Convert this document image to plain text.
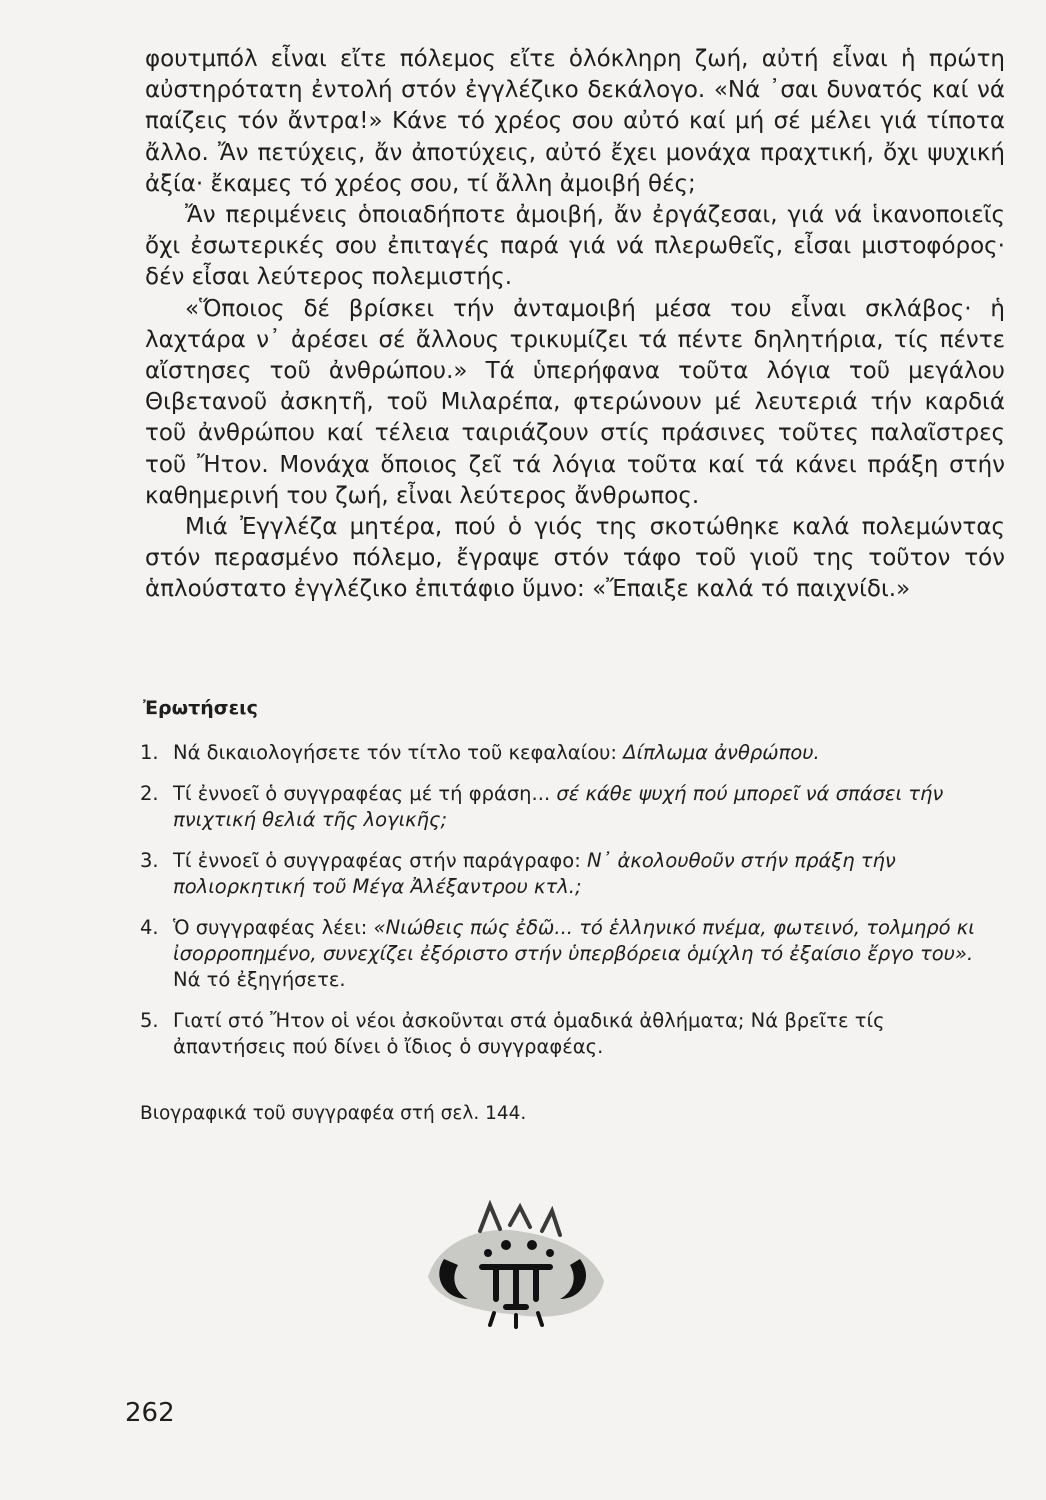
φουτμπόλ εἶναι εἴτε πόλεμος εἴτε ὁλόκληρη ζωή, αὐτή εἶναι ἡ πρώτη αὐστηρότατη ἐντολή στόν ἐγγλέζικο δεκάλογο. «Νά ᾽σαι δυνατός καί νά παίζεις τόν ἄντρα!» Κάνε τό χρέος σου αὐτό καί μή σέ μέλει γιά τίποτα ἄλλο. Ἄν πετύχεις, ἄν ἀποτύχεις, αὐτό ἔχει μονάχα πραχτική, ὄχι ψυχική ἀξία· ἔκαμες τό χρέος σου, τί ἄλλη ἀμοιβή θές;

Ἄν περιμένεις ὁποιαδήποτε ἀμοιβή, ἄν ἐργάζεσαι, γιά νά ἱκανοποιεῖς ὄχι ἐσωτερικές σου ἐπιταγές παρά γιά νά πλερωθεῖς, εἶσαι μιστοφόρος· δέν εἶσαι λεύτερος πολεμιστής.

«Ὅποιος δέ βρίσκει τήν ἀνταμοιβή μέσα του εἶναι σκλάβος· ἡ λαχτάρα ν᾽ ἀρέσει σέ ἄλλους τρικυμίζει τά πέντε δηλητήρια, τίς πέντε αἴστησες τοῦ ἀνθρώπου.» Τά ὑπερήφανα τοῦτα λόγια τοῦ μεγάλου Θιβετανοῦ ἀσκητῆ, τοῦ Μιλαρέπα, φτερώνουν μέ λευτεριά τήν καρδιά τοῦ ἀνθρώπου καί τέλεια ταιριάζουν στίς πράσινες τοῦτες παλαῖστρες τοῦ Ἤτον. Μονάχα ὅποιος ζεῖ τά λόγια τοῦτα καί τά κάνει πράξη στήν καθημερινή του ζωή, εἶναι λεύτερος ἄνθρωπος.

Μιά Ἐγγλέζα μητέρα, πού ὁ γιός της σκοτώθηκε καλά πολεμώντας στόν περασμένο πόλεμο, ἔγραψε στόν τάφο τοῦ γιοῦ της τοῦτον τόν ἁπλούστατο ἐγγλέζικο ἐπιτάφιο ὕμνο: «Ἔπαιξε καλά τό παιχνίδι.»

Ἐρωτήσεις
1. Νά δικαιολογήσετε τόν τίτλο τοῦ κεφαλαίου: Δίπλωμα ἀνθρώπου.
2. Τί ἐννοεῖ ὁ συγγραφέας μέ τή φράση... σέ κάθε ψυχή πού μπορεῖ νά σπάσει τήν πνιχτική θελιά τῆς λογικῆς;
3. Τί ἐννοεῖ ὁ συγγραφέας στήν παράγραφο: Ν᾽ ἀκολουθοῦν στήν πράξη τήν πολιορκητική τοῦ Μέγα Ἀλέξαντρου κτλ.;
4. Ὁ συγγραφέας λέει: «Νιώθεις πώς ἐδῶ... τό ἑλληνικό πνέμα, φωτεινό, τολμηρό κι ἰσορροπημένο, συνεχίζει ἐξόριστο στήν ὑπερβόρεια ὁμίχλη τό ἐξαίσιο ἔργο του». Νά τό ἐξηγήσετε.
5. Γιατί στό Ἤτον οἱ νέοι ἀσκοῦνται στά ὁμαδικά ἀθλήματα; Νά βρεῖτε τίς ἀπαντήσεις πού δίνει ὁ ἴδιος ὁ συγγραφέας.
Βιογραφικά τοῦ συγγραφέα στή σελ. 144.
262
